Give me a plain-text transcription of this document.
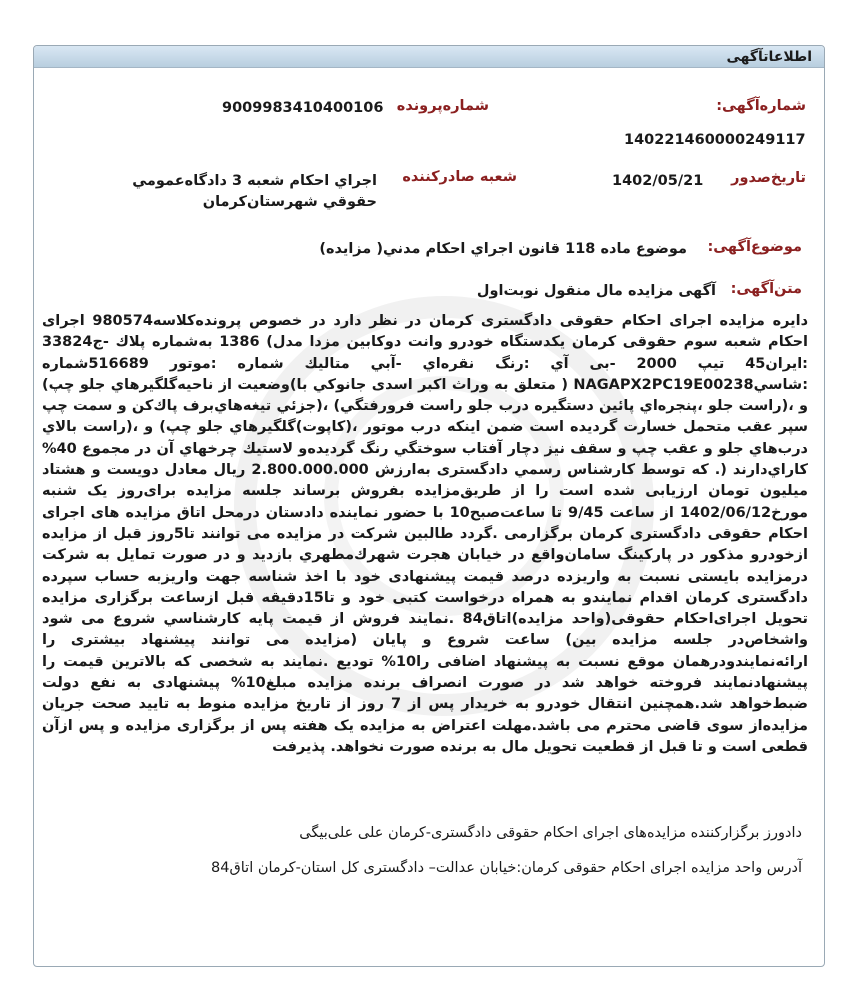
اطلاعاتآگهی
شماره‌آگهی:
140221460000249117
شماره‌پرونده
9009983410400106
تاریخ‌صدور
1402/05/21
شعبه صادر‌کننده
اجراي احكام شعبه 3 دادگاه‌عمومي
حقوقي شهرستان‌كرمان
موضوع‌آگهی:
موضوع ماده 118 قانون اجراي احكام مدني( مزايده)
متن‌آگهی:
آگهی مزایده مال منقول نوبت‌اول
دایره مزایده اجرای احکام حقوقی دادگستری کرمان در نظر دارد در خصوص پرونده‌کلاسه980574 اجرای احکام شعبه سوم حقوقی کرمان یکدستگاه خودرو وانت دوکابین مزدا مدل) 1386 به‌شماره پلاك -ج33824 :ایران45 تیپ 2000 -بی آي :رنگ نقره‌اي -آبي متاليك شماره :موتور 516689شماره :شاسي‌NAGAPX2PC19E00238 ( متعلق به وراث اكبر اسدی جانوكي با)وضعيت از ناحيه‌گلگيرهاي جلو چپ) و ،(راست جلو ،پنجره‌اي پائين دستگيره درب جلو راست فرورفتگي) ،(جزئي تيغه‌هاي‌برف پاك‌كن و سمت چپ سپر عقب متحمل خسارت گرديده است ضمن اينكه درب موتور ،(كاپوت)گلگيرهاي جلو چپ) و ،(راست بالاي درب‌هاي جلو و عقب چپ و سقف نيز دچار آفتاب سوختگي رنگ گرديده‌و لاستيك چرخهاي آن در مجموع 40% كاراي‌دارند (. كه توسط كارشناس رسمي دادگستری به‌ارزش 2.800.000.000 ریال معادل دويست و هشتاد ميليون تومان ارزيابی شده است را از طريق‌مزايده بفروش برساند جلسه مزايده برای‌روز يک شنبه مورخ1402/06/12 از ساعت 9/45 تا ساعت‌صبح10 با حضور نماينده دادستان درمحل اتاق مزايده های اجرای احکام حقوقی دادگستری کرمان برگزارمی .گردد طالبين شركت در مزايده می توانند تا5روز قبل از مزايده ازخودرو مذكور در پاركينگ سامان‌واقع در خيابان هجرت شهرك‌مطهري بازديد و در صورت تمايل به شركت درمزايده بايستی نسبت به واريزده درصد قيمت پيشنهادی خود با اخذ شناسه جهت واريزبه حساب سپرده دادگستری کرمان اقدام نمايندو به همراه درخواست كتبی خود و تا15دقيقه قبل ازساعت برگزاری مزايده تحويل اجرای‌احكام حقوقی(واحد مزايده)اتاق84 .نمايند فروش از قيمت پايه كارشناسي شروع می شود واشخاص‌در جلسه مزايده بين) ساعت شروع و پايان (مزايده می توانند پيشنهاد بيشتری را ارائه‌نمايندودرهمان موقع نسبت به پيشنهاد اضافی را10% توديع .نمايند به شخصی كه بالاترين قيمت را پيشنهادنمايند فروخته خواهد شد در صورت انصراف برنده مزايده مبلغ10% پيشنهادی به نفع دولت ضبط‌خواهد شد.همچنين انتقال خودرو به خريدار پس از 7 روز از تاريخ مزايده منوط به تاييد صحت جريان مزايده‌از سوی قاضی محترم می باشد.مهلت اعتراض به مزايده يک هفته پس از برگزاری مزايده و پس ازآن قطعی است و تا قبل از قطعيت تحويل مال به برنده صورت نخواهد. پذيرفت
دادورز برگزاركننده مزايده‌های اجرای احکام حقوقی دادگستری-کرمان علی علی‌بیگی
آدرس واحد مزايده اجرای احکام حقوقی کرمان:خيابان عدالت– دادگستری کل استان-کرمان اتاق84
